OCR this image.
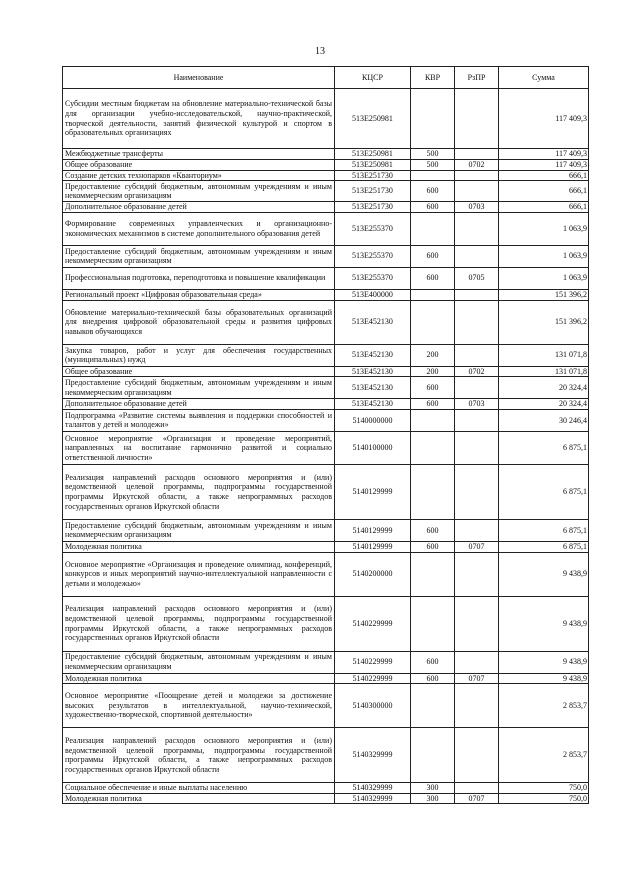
13
Наименование	КЦСР	КВР	РзПР	Сумма
Субсидии местным бюджетам на обновление материально-технической базы для организации учебно-исследовательской, научно-практической, творческой деятельности, занятий физической культурой и спортом в образовательных организациях	513Е250981			117 409,3
Межбюджетные трансферты	513Е250981	500		117 409,3
Общее образование	513Е250981	500	0702	117 409,3
Создание детских технопарков «Кванториум»	513Е251730			666,1
Предоставление субсидий бюджетным, автономным учреждениям и иным некоммерческим организациям	513Е251730	600		666,1
Дополнительное образование детей	513Е251730	600	0703	666,1
Формирование современных управленческих и организационно-экономических механизмов в системе дополнительного образования детей	513Е255370			1 063,9
Предоставление субсидий бюджетным, автономным учреждениям и иным некоммерческим организациям	513Е255370	600		1 063,9
Профессиональная подготовка, переподготовка и повышение квалификации	513Е255370	600	0705	1 063,9
Региональный проект «Цифровая образовательная среда»	513Е400000			151 396,2
Обновление материально-технической базы образовательных организаций для внедрения цифровой образовательной среды и развития цифровых навыков обучающихся	513Е452130			151 396,2
Закупка товаров, работ и услуг для обеспечения государственных (муниципальных) нужд	513Е452130	200		131 071,8
Общее образование	513Е452130	200	0702	131 071,8
Предоставление субсидий бюджетным, автономным учреждениям и иным некоммерческим организациям	513Е452130	600		20 324,4
Дополнительное образование детей	513Е452130	600	0703	20 324,4
Подпрограмма «Развитие системы выявления и поддержки способностей и талантов у детей и молодежи»	5140000000			30 246,4
Основное мероприятие «Организация и проведение мероприятий, направленных на воспитание гармонично развитой и социально ответственной личности»	5140100000			6 875,1
Реализация направлений расходов основного мероприятия и (или) ведомственной целевой программы, подпрограммы государственной программы Иркутской области, а также непрограммных расходов государственных органов Иркутской области	5140129999			6 875,1
Предоставление субсидий бюджетным, автономным учреждениям и иным некоммерческим организациям	5140129999	600		6 875,1
Молодежная политика	5140129999	600	0707	6 875,1
Основное мероприятие «Организация и проведение олимпиад, конференций, конкурсов и иных мероприятий научно-интеллектуальной направленности с детьми и молодежью»	5140200000			9 438,9
Реализация направлений расходов основного мероприятия и (или) ведомственной целевой программы, подпрограммы государственной программы Иркутской области, а также непрограммных расходов государственных органов Иркутской области	5140229999			9 438,9
Предоставление субсидий бюджетным, автономным учреждениям и иным некоммерческим организациям	5140229999	600		9 438,9
Молодежная политика	5140229999	600	0707	9 438,9
Основное мероприятие «Поощрение детей и молодежи за достижение высоких результатов в интеллектуальной, научно-технической, художественно-творческой, спортивной деятельности»	5140300000			2 853,7
Реализация направлений расходов основного мероприятия и (или) ведомственной целевой программы, подпрограммы государственной программы Иркутской области, а также непрограммных расходов государственных органов Иркутской области	5140329999			2 853,7
Социальное обеспечение и иные выплаты населению	5140329999	300		750,0
Молодежная политика	5140329999	300	0707	750,0
